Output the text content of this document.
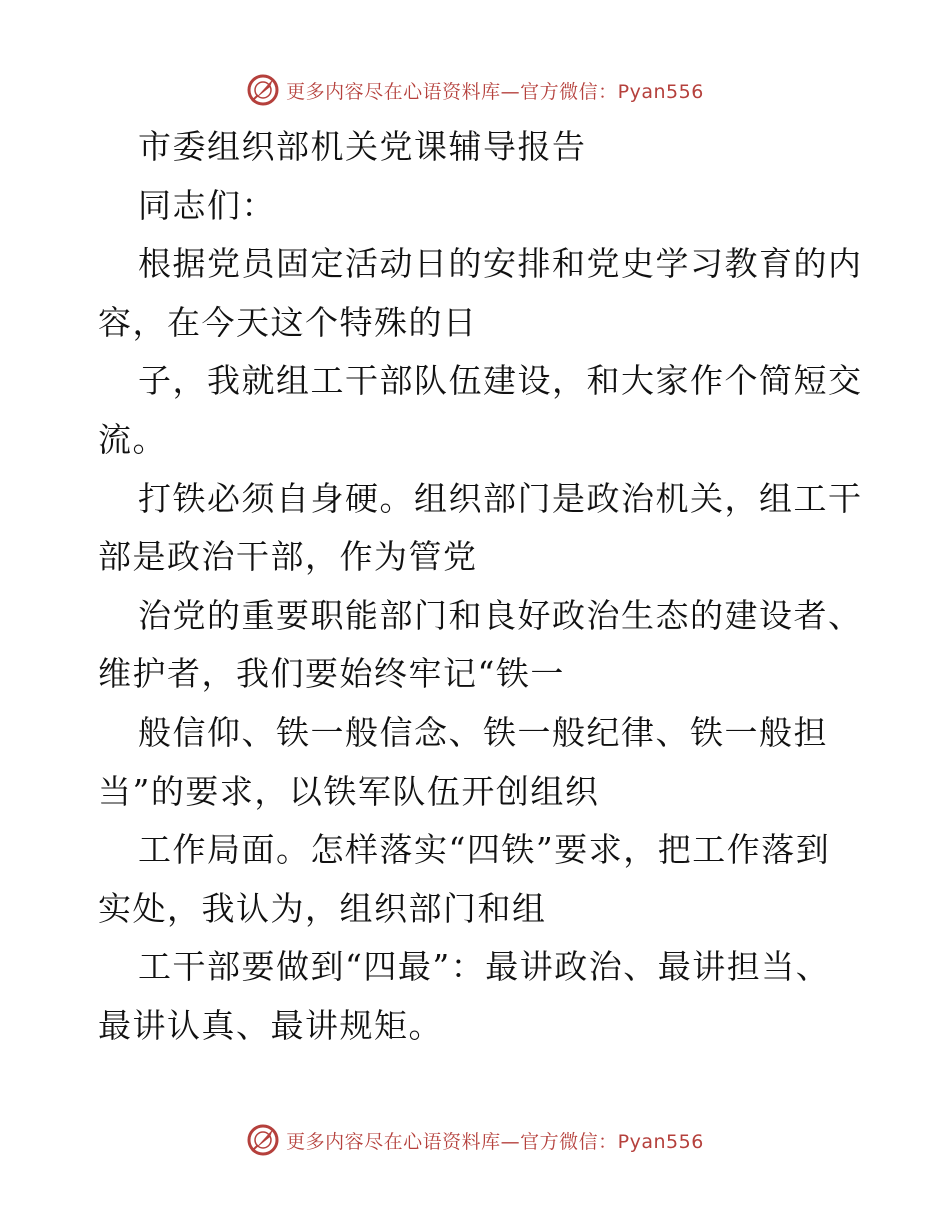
更多内容尽在心语资料库—官方微信：Pyan556
市委组织部机关党课辅导报告
同志们：
根据党员固定活动日的安排和党史学习教育的内
容，在今天这个特殊的日
子，我就组工干部队伍建设，和大家作个简短交
流。
打铁必须自身硬。组织部门是政治机关，组工干
部是政治干部，作为管党
治党的重要职能部门和良好政治生态的建设者、
维护者，我们要始终牢记“铁一
般信仰、铁一般信念、铁一般纪律、铁一般担
当”的要求，以铁军队伍开创组织
工作局面。怎样落实“四铁”要求，把工作落到
实处，我认为，组织部门和组
工干部要做到“四最”：最讲政治、最讲担当、
最讲认真、最讲规矩。
更多内容尽在心语资料库—官方微信：Pyan556
